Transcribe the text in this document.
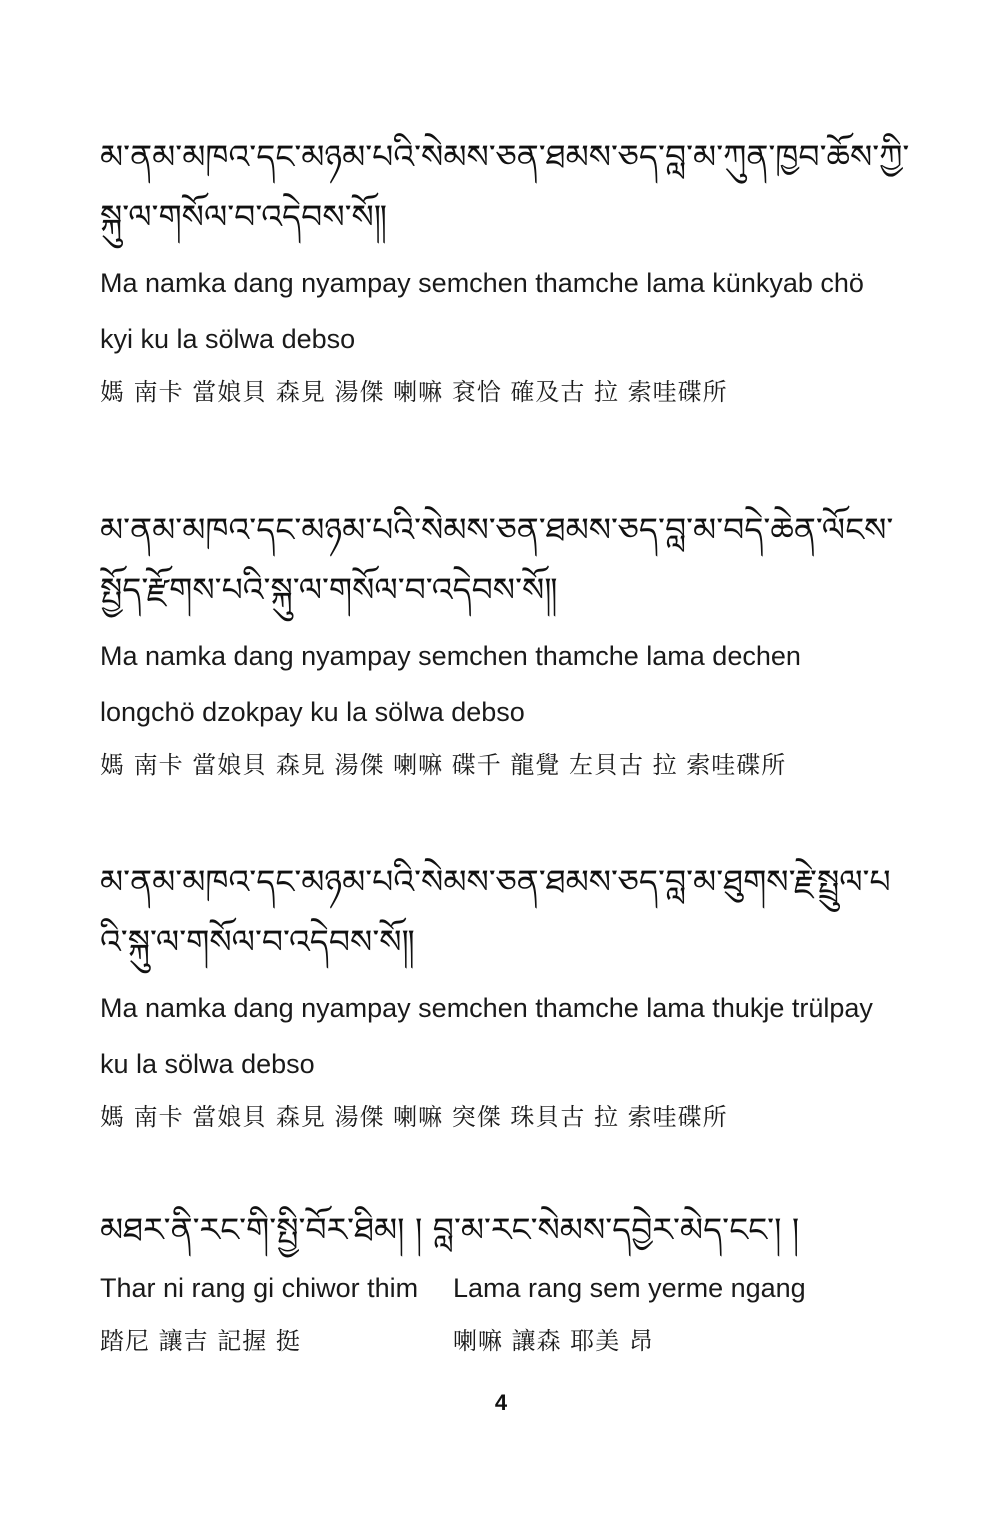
མ་ནམ་མཁའ་དང་མཉམ་པའི་སེམས་ཅན་ཐམས་ཅད་བླ་མ་ཀུན་ཁྱབ་ཆོས་ཀྱི་སྐུ་ལ་གསོལ་བ་འདེབས་སོ༎
Ma namka dang nyampay semchen thamche lama künkyab chö
kyi ku la sölwa debso
媽 南卡 當娘貝 森見 湯傑 喇嘛 袞恰 確及古 拉 索哇碟所
མ་ནམ་མཁའ་དང་མཉམ་པའི་སེམས་ཅན་ཐམས་ཅད་བླ་མ་བདེ་ཆེན་ལོངས་སྤྱོད་རྫོགས་པའི་སྐུ་ལ་གསོལ་བ་འདེབས་སོ༎
Ma namka dang nyampay semchen thamche lama dechen
longchö dzokpay ku la sölwa debso
媽 南卡 當娘貝 森見 湯傑 喇嘛 碟千 龍覺 左貝古 拉 索哇碟所
མ་ནམ་མཁའ་དང་མཉམ་པའི་སེམས་ཅན་ཐམས་ཅད་བླ་མ་ཐུགས་རྗེ་སྤྲུལ་པའི་སྐུ་ལ་གསོལ་བ་འདེབས་སོ༎
Ma namka dang nyampay semchen thamche lama thukje trülpay
ku la sölwa debso
媽 南卡 當娘貝 森見 湯傑 喇嘛 突傑 珠貝古 拉 索哇碟所
མཐར་ནི་རང་གི་སྤྱི་བོར་ཐིམ། ། བླ་མ་རང་སེམས་དབྱེར་མེད་ངང་། །
Thar ni rang gi chiwor thim	Lama rang sem yerme ngang
踏尼 讓吉 記握 挺	喇嘛 讓森 耶美 昂
4
